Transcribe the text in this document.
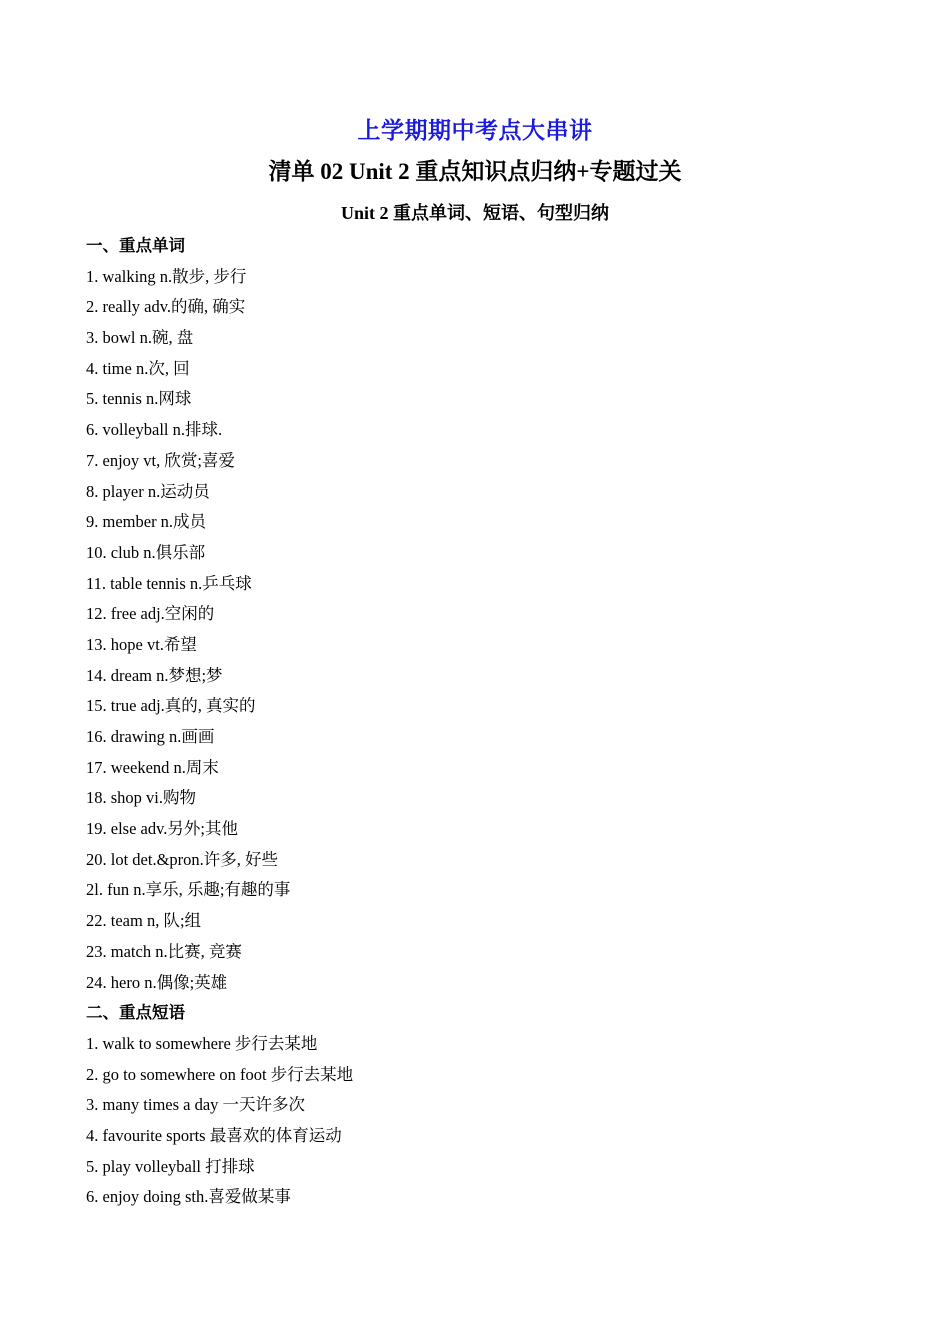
上学期期中考点大串讲
清单 02 Unit 2 重点知识点归纳+专题过关
Unit 2 重点单词、短语、句型归纳
一、重点单词
1. walking n.散步, 步行
2. really adv.的确, 确实
3. bowl n.碗, 盘
4. time n.次, 回
5. tennis n.网球
6. volleyball n.排球.
7. enjoy vt, 欣赏;喜爱
8. player n.运动员
9. member n.成员
10. club n.俱乐部
11. table tennis n.乒乓球
12. free adj.空闲的
13. hope vt.希望
14. dream n.梦想;梦
15. true adj.真的, 真实的
16. drawing n.画画
17. weekend n.周末
18. shop vi.购物
19. else adv.另外;其他
20. lot det.&pron.许多, 好些
2l. fun n.享乐, 乐趣;有趣的事
22. team n, 队;组
23. match n.比赛, 竞赛
24. hero n.偶像;英雄
二、重点短语
1. walk to somewhere 步行去某地
2. go to somewhere on foot 步行去某地
3. many times a day 一天许多次
4. favourite sports 最喜欢的体育运动
5. play volleyball 打排球
6. enjoy doing sth.喜爱做某事
